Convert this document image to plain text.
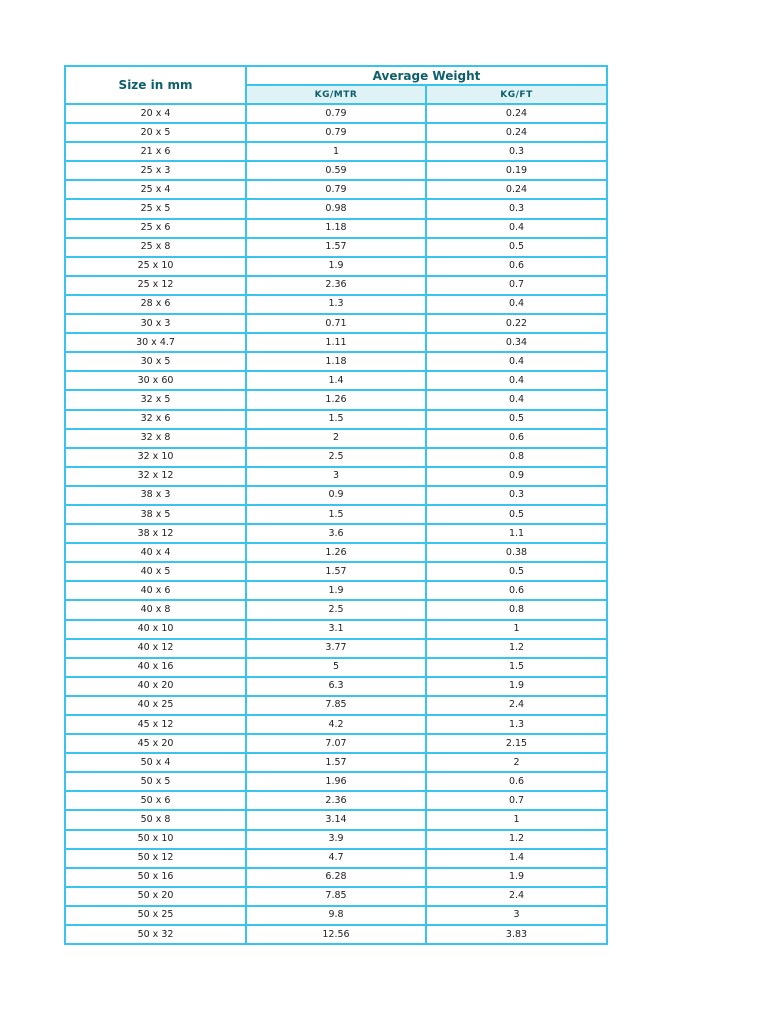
Size in mm	Average Weight	
	KG/MTR	KG/FT
20 x 4	0.79	0.24
20 x 5	0.79	0.24
21 x 6	1	0.3
25 x 3	0.59	0.19
25 x 4	0.79	0.24
25 x 5	0.98	0.3
25 x 6	1.18	0.4
25 x 8	1.57	0.5
25 x 10	1.9	0.6
25 x 12	2.36	0.7
28 x 6	1.3	0.4
30 x 3	0.71	0.22
30 x 4.7	1.11	0.34
30 x 5	1.18	0.4
30 x 60	1.4	0.4
32 x 5	1.26	0.4
32 x 6	1.5	0.5
32 x 8	2	0.6
32 x 10	2.5	0.8
32 x 12	3	0.9
38 x 3	0.9	0.3
38 x 5	1.5	0.5
38 x 12	3.6	1.1
40 x 4	1.26	0.38
40 x 5	1.57	0.5
40 x 6	1.9	0.6
40 x 8	2.5	0.8
40 x 10	3.1	1
40 x 12	3.77	1.2
40 x 16	5	1.5
40 x 20	6.3	1.9
40 x 25	7.85	2.4
45 x 12	4.2	1.3
45 x 20	7.07	2.15
50 x 4	1.57	2
50 x 5	1.96	0.6
50 x 6	2.36	0.7
50 x 8	3.14	1
50 x 10	3.9	1.2
50 x 12	4.7	1.4
50 x 16	6.28	1.9
50 x 20	7.85	2.4
50 x 25	9.8	3
50 x 32	12.56	3.83
